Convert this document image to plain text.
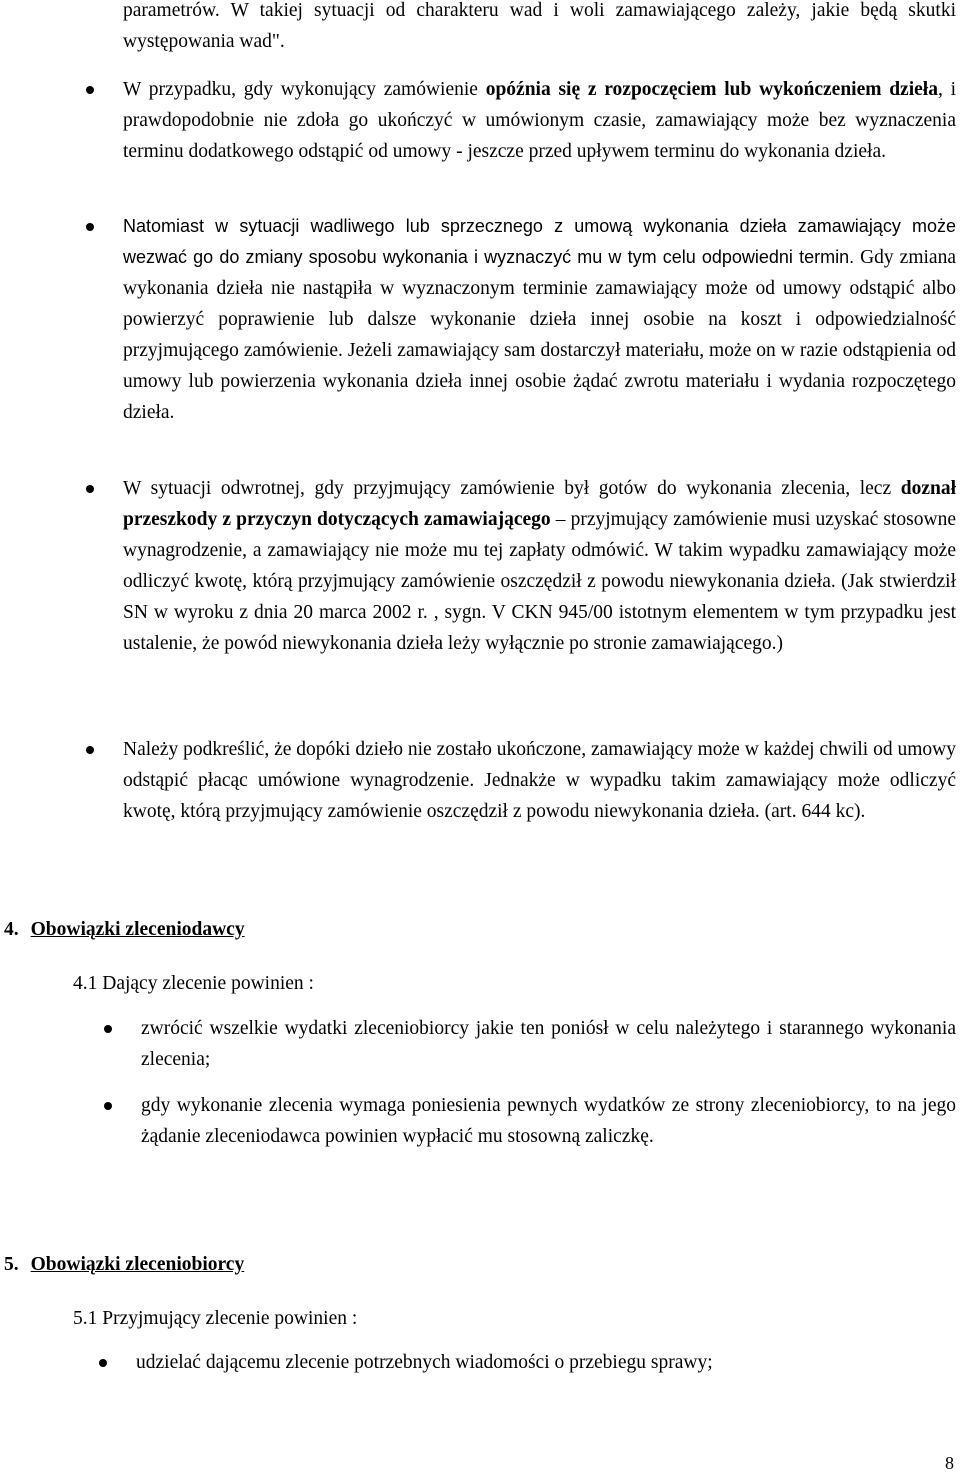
parametrów. W takiej sytuacji od charakteru wad i woli zamawiającego zależy, jakie będą skutki występowania wad".

W przypadku, gdy wykonujący zamówienie opóźnia się z rozpoczęciem lub wykończeniem dzieła, i prawdopodobnie nie zdoła go ukończyć w umówionym czasie, zamawiający może bez wyznaczenia terminu dodatkowego odstąpić od umowy - jeszcze przed upływem terminu do wykonania dzieła.

Natomiast w sytuacji wadliwego lub sprzecznego z umową wykonania dzieła zamawiający może wezwać go do zmiany sposobu wykonania i wyznaczyć mu w tym celu odpowiedni termin. Gdy zmiana wykonania dzieła nie nastąpiła w wyznaczonym terminie zamawiający może od umowy odstąpić albo powierzyć poprawienie lub dalsze wykonanie dzieła innej osobie na koszt i odpowiedzialność przyjmującego zamówienie. Jeżeli zamawiający sam dostarczył materiału, może on w razie odstąpienia od umowy lub powierzenia wykonania dzieła innej osobie żądać zwrotu materiału i wydania rozpoczętego dzieła.

W sytuacji odwrotnej, gdy przyjmujący zamówienie był gotów do wykonania zlecenia, lecz doznał przeszkody z przyczyn dotyczących zamawiającego – przyjmujący zamówienie musi uzyskać stosowne wynagrodzenie, a zamawiający nie może mu tej zapłaty odmówić. W takim wypadku zamawiający może odliczyć kwotę, którą przyjmujący zamówienie oszczędził z powodu niewykonania dzieła. (Jak stwierdził SN w wyroku z dnia 20 marca 2002 r. , sygn. V CKN 945/00 istotnym elementem w tym przypadku jest ustalenie, że powód niewykonania dzieła leży wyłącznie po stronie zamawiającego.)

Należy podkreślić, że dopóki dzieło nie zostało ukończone, zamawiający może w każdej chwili od umowy odstąpić płacąc umówione wynagrodzenie. Jednakże w wypadku takim zamawiający może odliczyć kwotę, którą przyjmujący zamówienie oszczędził z powodu niewykonania dzieła. (art. 644 kc).

4. Obowiązki zleceniodawcy

4.1 Dający zlecenie powinien :

zwrócić wszelkie wydatki zleceniobiorcy jakie ten poniósł w celu należytego i starannego wykonania zlecenia;

gdy wykonanie zlecenia wymaga poniesienia pewnych wydatków ze strony zleceniobiorcy, to na jego żądanie zleceniodawca powinien wypłacić mu stosowną zaliczkę.

5. Obowiązki zleceniobiorcy

5.1 Przyjmujący zlecenie powinien :

udzielać dającemu zlecenie potrzebnych wiadomości o przebiegu sprawy;

8
